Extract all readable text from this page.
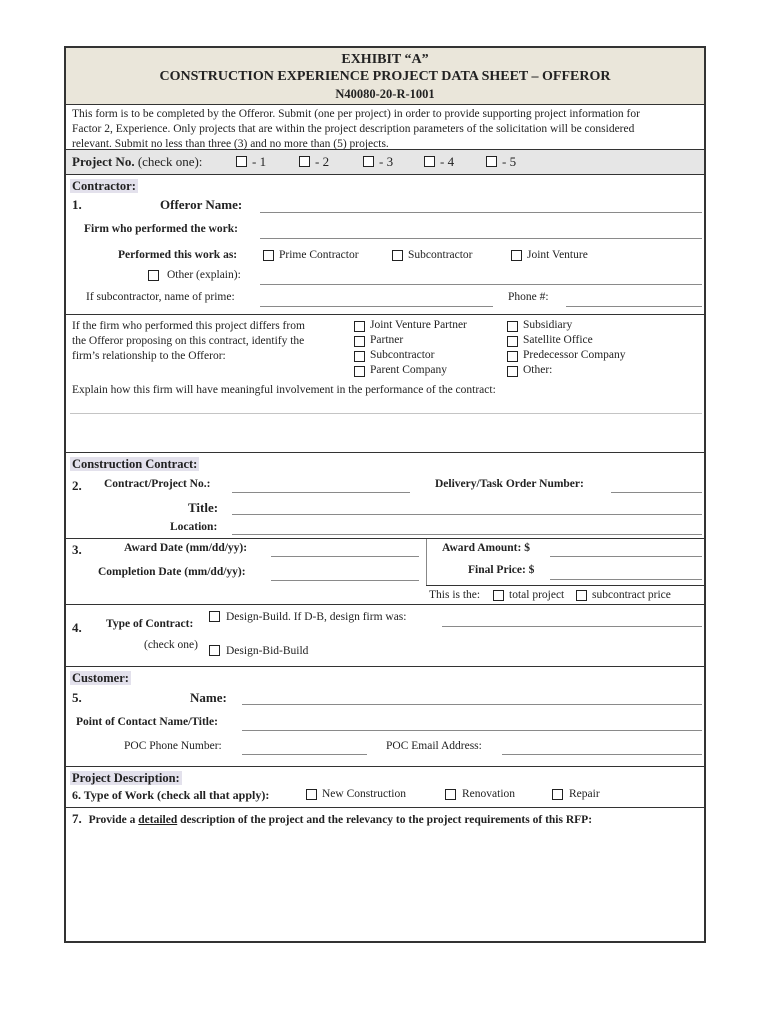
EXHIBIT “A”
CONSTRUCTION EXPERIENCE PROJECT DATA SHEET – OFFEROR
N40080-20-R-1001
This form is to be completed by the Offeror. Submit (one per project) in order to provide supporting project information for
Factor 2, Experience. Only projects that are within the project description parameters of the solicitation will be considered
relevant. Submit no less than three (3) and no more than (5) projects.
Project No. (check one):	- 1	- 2	- 3	- 4	- 5
Contractor:
1.	Offeror Name:
Firm who performed the work:
Performed this work as:	Prime Contractor	Subcontractor	Joint Venture
Other (explain):
If subcontractor, name of prime:	Phone #:
If the firm who performed this project differs from
the Offeror proposing on this contract, identify the
firm’s relationship to the Offeror:
Joint Venture Partner
Partner
Subcontractor
Parent Company
Subsidiary
Satellite Office
Predecessor Company
Other:
Explain how this firm will have meaningful involvement in the performance of the contract:
Construction Contract:
2. Contract/Project No.:	Delivery/Task Order Number:
Title:
Location:
3.	Award Date (mm/dd/yy):	Award Amount: $
Completion Date (mm/dd/yy):	Final Price: $
This is the:	total project subcontract price
4. Type of Contract:
Design-Build. If D-B, design firm was:
(check one) Design-Bid-Build
Customer:
5.	Name:
Point of Contact Name/Title:
POC Phone Number:	POC Email Address:
Project Description:
6. Type of Work (check all that apply):	New Construction	Renovation	Repair
7. Provide a detailed description of the project and the relevancy to the project requirements of this RFP:
